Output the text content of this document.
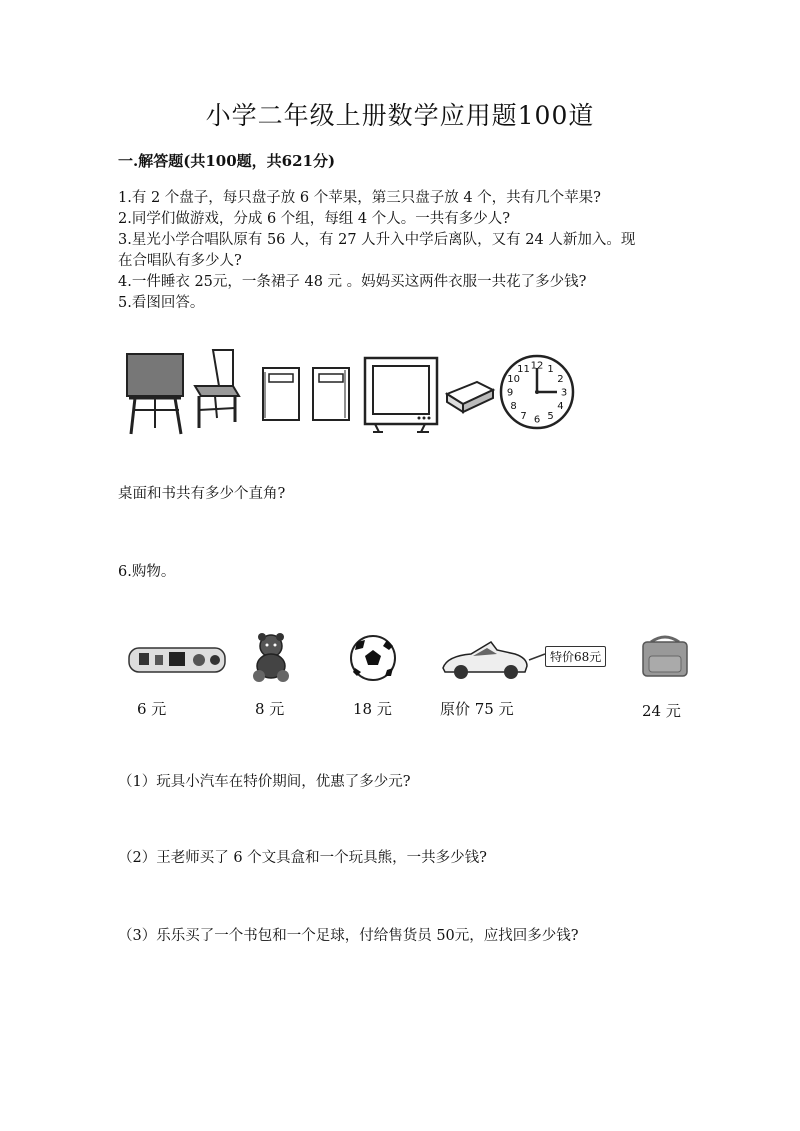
小学二年级上册数学应用题100道
一.解答题(共100题，共621分)
1.有 2 个盘子，每只盘子放 6 个苹果，第三只盘子放 4 个，共有几个苹果?
2.同学们做游戏，分成 6 个组，每组 4 个人。一共有多少人?
3.星光小学合唱队原有 56 人，有 27 人升入中学后离队，又有 24 人新加入。现
在合唱队有多少人?
4.一件睡衣 25元，一条裙子 48 元 。妈妈买这两件衣服一共花了多少钱?
5.看图回答。
12 1
2
3
4
5
6
7
8
9
10
11
桌面和书共有多少个直角?
6.购物。
特价68元
6 元	8 元	18 元	原价 75 元	24 元
（1）玩具小汽车在特价期间，优惠了多少元?
（2）王老师买了 6 个文具盒和一个玩具熊，一共多少钱?
（3）乐乐买了一个书包和一个足球，付给售货员 50元，应找回多少钱?
